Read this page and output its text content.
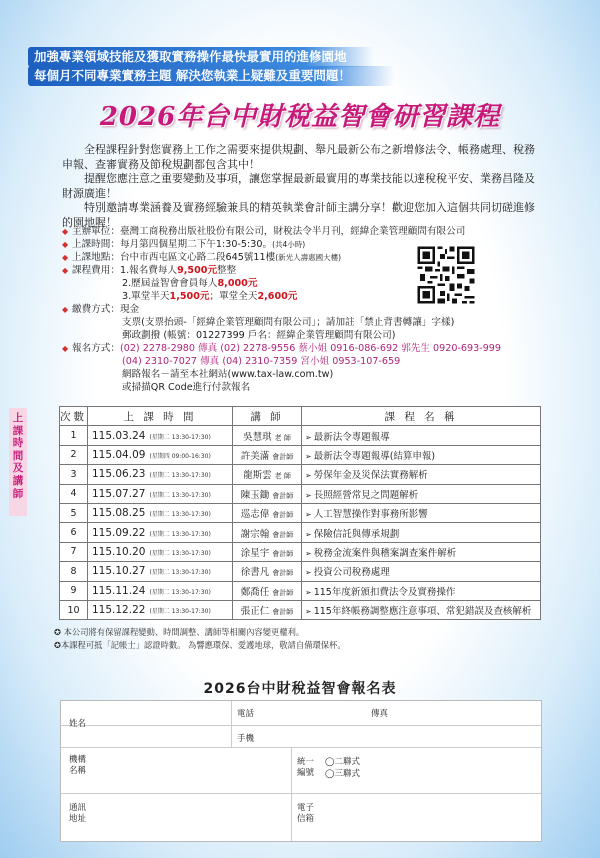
加強專業領域技能及獲取實務操作最快最實用的進修園地
每個月不同專業實務主題 解決您執業上疑難及重要問題！
2026年台中財稅益智會研習課程

全程課程針對您實務上工作之需要來提供規劃、舉凡最新公布之新增修法令、帳務處理、稅務申報、查審實務及節稅規劃都包含其中！

提醒您應注意之重要變動及事項，讓您掌握最新最實用的專業技能以達稅稅平安、業務昌隆及財源廣進！

特別邀請專業涵養及實務經驗兼具的精英執業會計師主講分享！歡迎您加入這個共同切磋進修的園地喔！

◆ 主辦單位： 臺灣工商稅務出版社股份有限公司，財稅法令半月刊，經緯企業管理顧問有限公司
◆ 上課時間： 每月第四個星期二下午1:30-5:30。 (共4小時)
◆ 上課地點： 台中市西屯區文心路二段645號11樓 (新光人壽惠國大樓)
◆ 課程費用： 1.報名費每人 9,500元 整整
2.歷屆益智會會員每人8,000元
3.單堂半天1,500元；單堂全天2,600元
◆ 繳費方式： 現金
支票(支票抬頭-「經緯企業管理顧問有限公司」；請加註「禁止背書轉讓」字樣)
郵政劃撥 (帳號：01227399 戶名：經緯企業管理顧問有限公司)
◆ 報名方式： (02) 2278-2980 傳真 (02) 2278-9556 蔡小姐 0916-086-692 郭先生 0920-693-999
(04) 2310-7027 傳真 (04) 2310-7359 宮小姐 0953-107-659
網路報名－請至本社網站(www.tax-law.com.tw)
或掃描QR Code進行付款報名
上課時間及講師
次數	上 課 時 間	講 師	課 程 名 稱
1	115.03.24 (星期二 13:30-17:30)	吳慧琪 老 師	➢ 最新法令專題報導
2	115.04.09 (星期四 09:00-16:30)	許美滿 會計師	➢ 最新法令專題報導(結算申報)
3	115.06.23 (星期二 13:30-17:30)	龍斯雲 老 師	➢ 勞保年金及災保法實務解析
4	115.07.27 (星期二 13:30-17:30)	陳玉鋤 會計師	➢ 長照經營常見之問題解析
5	115.08.25 (星期二 13:30-17:30)	巡志偉 會計師	➢ 人工智慧操作對事務所影響
6	115.09.22 (星期二 13:30-17:30)	謝宗翰 會計師	➢ 保險信託與傳承規劃
7	115.10.20 (星期二 13:30-17:30)	涂星宇 會計師	➢ 稅務金流案件與稽案調查案件解析
8	115.10.27 (星期二 13:30-17:30)	徐書凡 會計師	➢ 投資公司稅務處理
9	115.11.24 (星期二 13:30-17:30)	鄭喬任 會計師	➢ 115年度新頒扣費法令及實務操作
10	115.12.22 (星期二 13:30-17:30)	張正仁 會計師	➢ 115年終帳務調整應注意事項、常犯錯誤及查核解析
✪ 本公司將有保留課程變動、時間調整、講師等相關內容變更權利。
✪本課程可抵「記帳士」認證時數。 為響應環保、愛護地球，敬請自備環保杯。
2026台中財稅益智會報名表
姓名
電話	傳真
手機
機構名稱
統一編號
◯二聯式
◯三聯式
通訊地址
電子信箱
